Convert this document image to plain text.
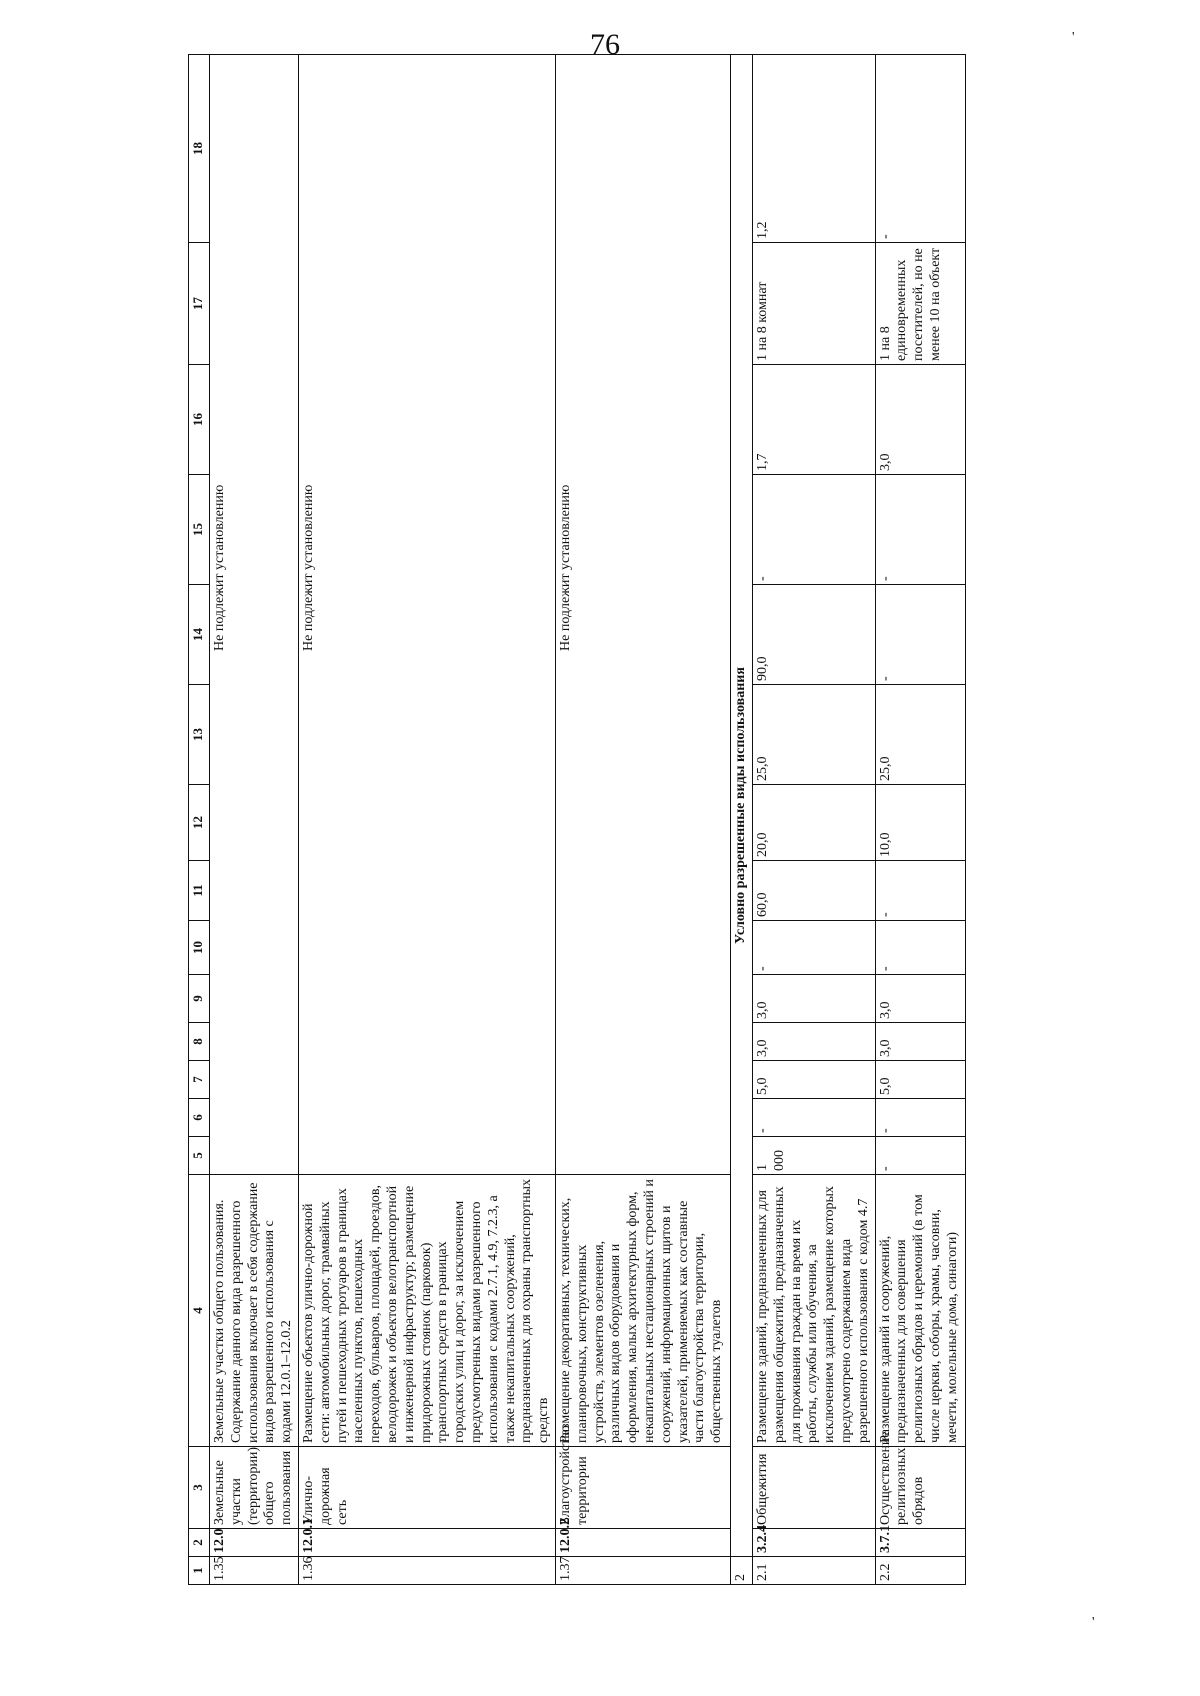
76	'
'
1	2	3	4	5	6	7	8	9	10	11	12	13	14	15	16	17	18
1.35	12.0	Земельные участки (территории) общего пользования	Земельные участки общего пользования. Содержание данного вида разрешенного использования включает в себя содержание видов разрешенного использования с кодами 12.0.1–12.0.2	Не подлежит установлению													

1.36	12.0.1	Улично-дорожная сеть	Размещение объектов улично-дорожной сети: автомобильных дорог, трамвайных путей и пешеходных тротуаров в границах населенных пунктов, пешеходных переходов, бульваров, площадей, проездов, велодорожек и объектов велотранспортной и инженерной инфраструктур; размещение придорожных стоянок (парковок) транспортных средств в границах городских улиц и дорог, за исключением предусмотренных видами разрешенного использования с кодами 2.7.1, 4.9, 7.2.3, а также некапитальных сооружений, предназначенных для охраны транспортных средств	Не подлежит установлению													

1.37	12.0.2	Благоустройство территории	Размещение декоративных, технических, планировочных, конструктивных устройств, элементов озеленения, различных видов оборудования и оформления, малых архитектурных форм, некапитальных нестационарных строений и сооружений, информационных щитов и указателей, применяемых как составные части благоустройства территории, общественных туалетов	Не подлежит установлению													

2	Условно разрешенные виды использования																
2.1	3.2.4	Общежития	Размещение зданий, предназначенных для размещения общежитий, предназначенных для проживания граждан на время их работы, службы или обучения, за исключением зданий, размещение которых предусмотрено содержанием вида разрешенного использования с кодом 4.7	1 000	-	5,0	3,0	3,0	-	60,0	20,0	25,0	90,0	-	1,7	1 на 8 комнат	1,2
2.2	3.7.1	Осуществление религиозных обрядов	Размещение зданий и сооружений, предназначенных для совершения религиозных обрядов и церемоний (в том числе церкви, соборы, храмы, часовни, мечети, молельные дома, синагоги)	-	-	5,0	3,0	3,0	-	-	10,0	25,0	-	-	3,0	1 на 8 единовременных посетителей, но не менее 10 на объект	-
